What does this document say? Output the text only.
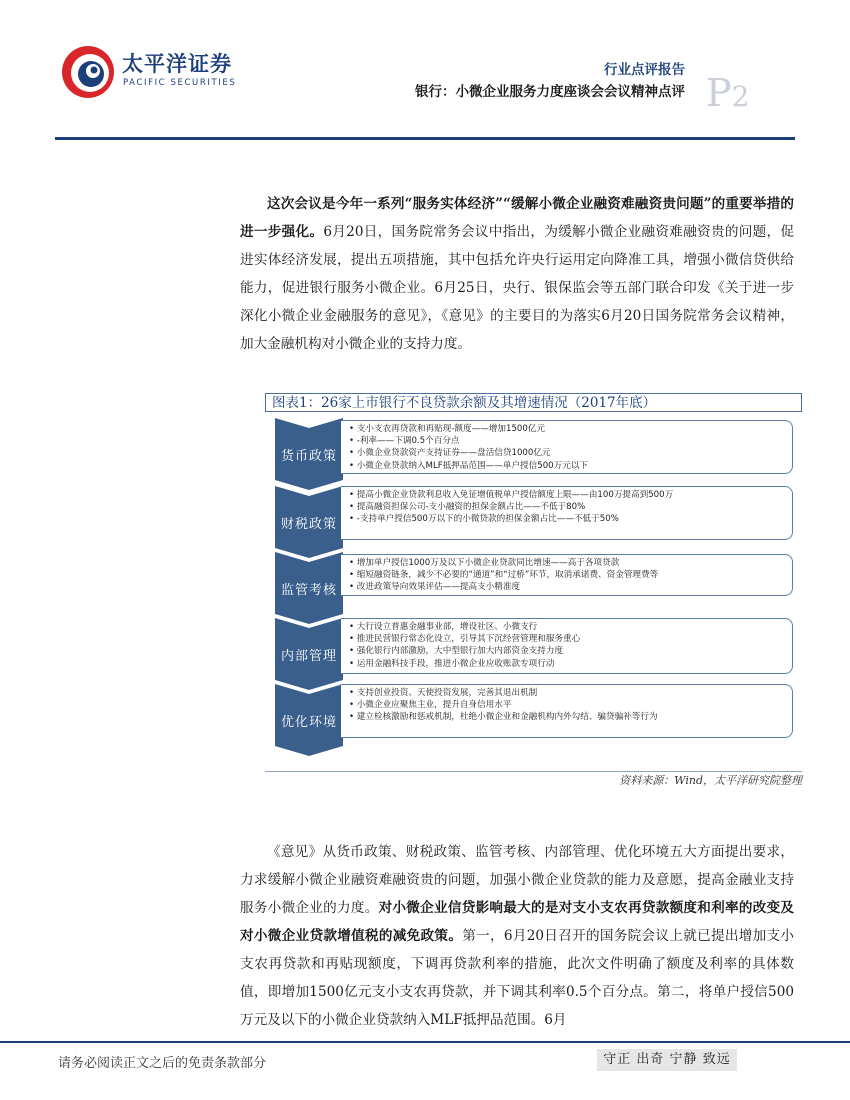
太平洋证券
PACIFIC SECURITIES
行业点评报告
银行：小微企业服务力度座谈会会议精神点评 P2
这次会议是今年一系列“服务实体经济”“缓解小微企业融资难融资贵问题”的重要举措的进一步强化。6月20日，国务院常务会议中指出，为缓解小微企业融资难融资贵的问题，促进实体经济发展，提出五项措施，其中包括允许央行运用定向降准工具，增强小微信贷供给能力，促进银行服务小微企业。6月25日，央行、银保监会等五部门联合印发《关于进一步深化小微企业金融服务的意见》，《意见》的主要目的为落实6月20日国务院常务会议精神，加大金融机构对小微企业的支持力度。
图表1：26家上市银行不良贷款余额及其增速情况（2017年底）
货币政策
• 支小支农再贷款和再贴现-额度——增加1500亿元
• -利率——下调0.5个百分点
• 小微企业贷款资产支持证券——盘活信贷1000亿元
• 小微企业贷款纳入MLF抵押品范围——单户授信500万元以下
财税政策
• 提高小微企业贷款利息收入免征增值税单户授信额度上限——由100万提高到500万
• 提高融资担保公司-支小融资的担保金额占比——不低于80%
• -支持单户授信500万以下的小微贷款的担保金额占比——不低于50%
监管考核
• 增加单户授信1000万及以下小微企业贷款同比增速——高于各项贷款
• 缩短融资链条，减少不必要的“通道”和“过桥”环节，取消承诺费、资金管理费等
• 改进政策导向效果评估——提高支小精准度
内部管理
• 大行设立普惠金融事业部，增设社区、小微支行
• 推进民营银行常态化设立，引导其下沉经营管理和服务重心
• 强化银行内部激励，大中型银行加大内部资金支持力度
• 运用金融科技手段，推进小微企业应收账款专项行动
优化环境
• 支持创业投资、天使投资发展，完善其退出机制
• 小微企业应聚焦主业，提升自身信用水平
• 建立检核激励和惩戒机制，杜绝小微企业和金融机构内外勾结、骗贷骗补等行为
资料来源：Wind，太平洋研究院整理
《意见》从货币政策、财税政策、监管考核、内部管理、优化环境五大方面提出要求，力求缓解小微企业融资难融资贵的问题，加强小微企业贷款的能力及意愿，提高金融业支持服务小微企业的力度。对小微企业信贷影响最大的是对支小支农再贷款额度和利率的改变及对小微企业贷款增值税的减免政策。第一，6月20日召开的国务院会议上就已提出增加支小支农再贷款和再贴现额度，下调再贷款利率的措施，此次文件明确了额度及利率的具体数值，即增加1500亿元支小支农再贷款，并下调其利率0.5个百分点。第二，将单户授信500万元及以下的小微企业贷款纳入MLF抵押品范围。6月
请务必阅读正文之后的免责条款部分	守正 出奇 宁静 致远
